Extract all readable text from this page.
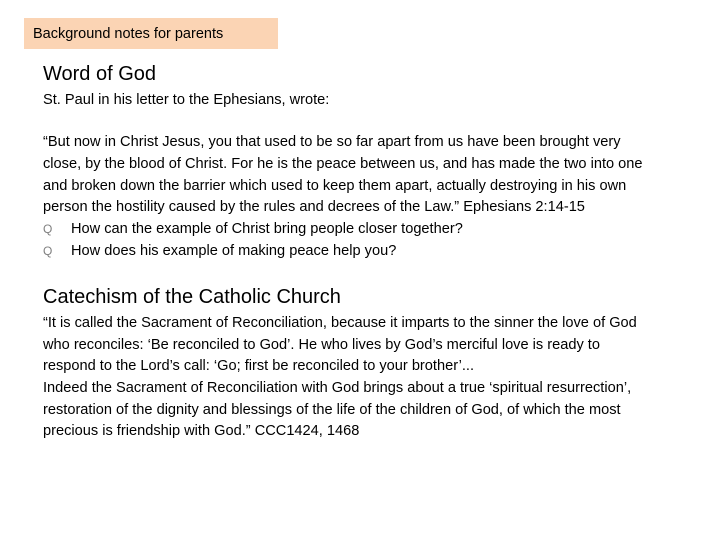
Background notes for parents
Word of God
St. Paul in his letter to the Ephesians, wrote:
“But now in Christ Jesus, you that used to be so far apart from us have been brought very
close, by the blood of Christ. For he is the peace between us, and has made the two into one
and broken down the barrier which used to keep them apart, actually destroying in his own
person the hostility caused by the rules and decrees of the Law.” Ephesians 2:14-15
Q How can the example of Christ bring people closer together?
Q How does his example of making peace help you?
Catechism of the Catholic Church
“It is called the Sacrament of Reconciliation, because it imparts to the sinner the love of God
who reconciles: ‘Be reconciled to God’. He who lives by God’s merciful love is ready to
respond to the Lord’s call: ‘Go; first be reconciled to your brother’...
Indeed the Sacrament of Reconciliation with God brings about a true ‘spiritual resurrection’,
restoration of the dignity and blessings of the life of the children of God, of which the most
precious is friendship with God.” CCC1424, 1468
